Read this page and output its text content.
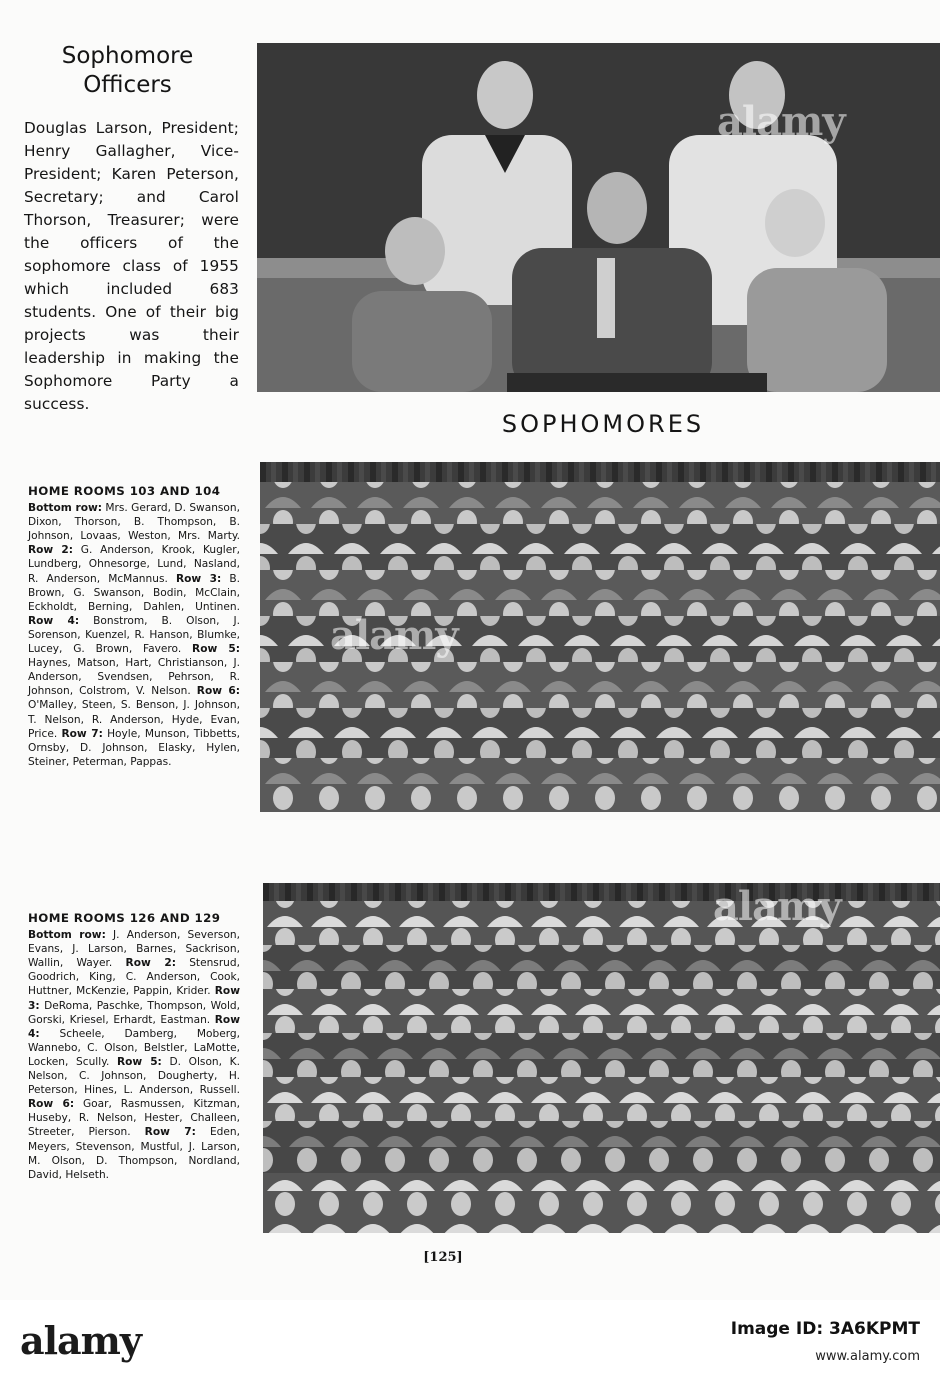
Sophomore
Officers

Douglas Larson, President; Henry Gallagher, Vice-President; Karen Peterson, Secretary; and Carol Thorson, Treasurer; were the officers of the sophomore class of 1955 which included 683 students. One of their big projects was their leadership in making the Sophomore Party a success.

alamy
SOPHOMORES

HOME ROOMS 103 AND 104

Bottom row: Mrs. Gerard, D. Swanson, Dixon, Thorson, B. Thompson, B. Johnson, Lovaas, Weston, Mrs. Marty. Row 2: G. Anderson, Krook, Kugler, Lundberg, Ohnesorge, Lund, Nasland, R. Anderson, McMannus. Row 3: B. Brown, G. Swanson, Bodin, McClain, Eckholdt, Berning, Dahlen, Untinen. Row 4: Bonstrom, B. Olson, J. Sorenson, Kuenzel, R. Hanson, Blumke, Lucey, G. Brown, Favero. Row 5: Haynes, Matson, Hart, Christianson, J. Anderson, Svendsen, Pehrson, R. Johnson, Colstrom, V. Nelson. Row 6: O'Malley, Steen, S. Benson, J. Johnson, T. Nelson, R. Anderson, Hyde, Evan, Price. Row 7: Hoyle, Munson, Tibbetts, Ornsby, D. Johnson, Elasky, Hylen, Steiner, Peterman, Pappas.

alamy

HOME ROOMS 126 AND 129

Bottom row: J. Anderson, Severson, Evans, J. Larson, Barnes, Sackrison, Wallin, Wayer. Row 2: Stensrud, Goodrich, King, C. Anderson, Cook, Huttner, McKenzie, Pappin, Krider. Row 3: DeRoma, Paschke, Thompson, Wold, Gorski, Kriesel, Erhardt, Eastman. Row 4: Scheele, Damberg, Moberg, Wannebo, C. Olson, Belstler, LaMotte, Locken, Scully. Row 5: D. Olson, K. Nelson, C. Johnson, Dougherty, H. Peterson, Hines, L. Anderson, Russell. Row 6: Goar, Rasmussen, Kitzman, Huseby, R. Nelson, Hester, Challeen, Streeter, Pierson. Row 7: Eden, Meyers, Stevenson, Mustful, J. Larson, M. Olson, D. Thompson, Nordland, David, Helseth.

alamy
[125]
alamy	Image ID: 3A6KPMT
www.alamy.com
